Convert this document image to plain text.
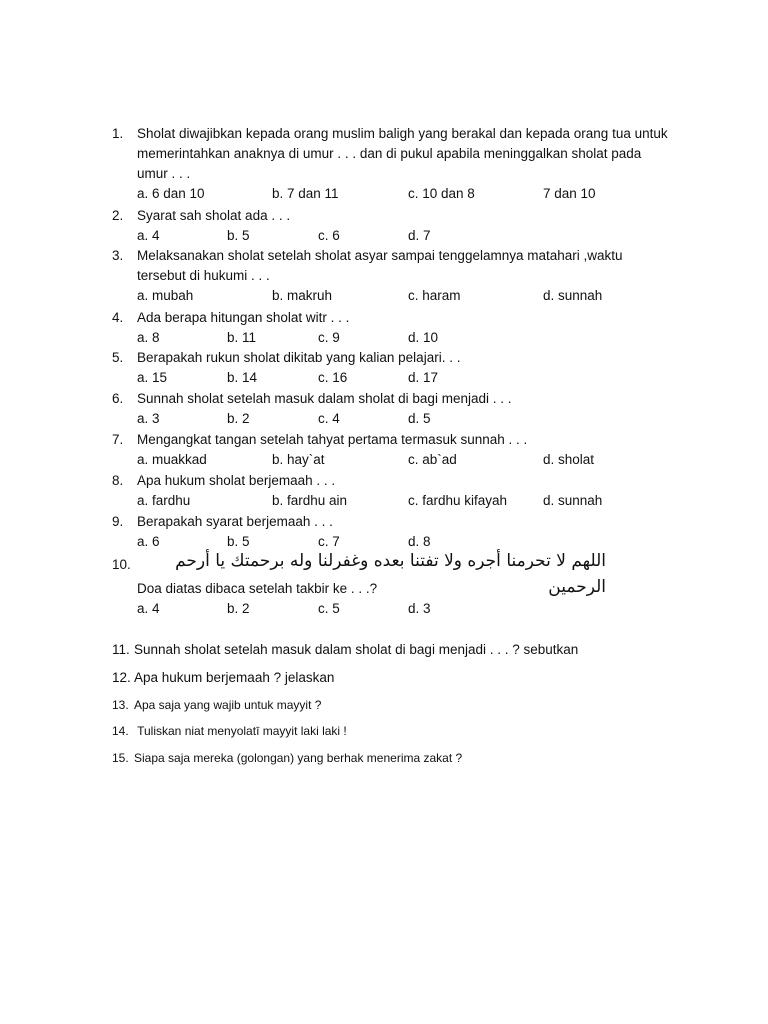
1. Sholat diwajibkan kepada orang muslim baligh yang berakal dan kepada orang tua untuk memerintahkan anaknya di umur . . . dan di pukul apabila meninggalkan sholat pada umur . . .
a. 6 dan 10	b. 7 dan 11	c. 10 dan 8	7 dan 10
2. Syarat sah sholat ada . . .
a. 4	b. 5	c. 6	d. 7
3. Melaksanakan sholat setelah sholat asyar sampai tenggelamnya matahari ,waktu tersebut di hukumi . . .
a. mubah	b. makruh	c. haram	d. sunnah
4. Ada berapa hitungan sholat witr . . .
a. 8	b. 11	c. 9	d. 10
5. Berapakah rukun sholat dikitab yang kalian pelajari. . .
a. 15	b. 14	c. 16	d. 17
6. Sunnah sholat setelah masuk dalam sholat di bagi menjadi . . .
a. 3	b. 2	c. 4	d. 5
7. Mengangkat tangan setelah tahyat pertama termasuk sunnah . . .
a. muakkad	b. hay`at	c. ab`ad	d. sholat
8. Apa hukum sholat berjemaah . . .
a. fardhu	b. fardhu ain	c. fardhu kifayah	d. sunnah
9. Berapakah syarat berjemaah . . .
a. 6	b. 5	c. 7	d. 8
10.	اللهم لا تحرمنا أجره ولا تفتنا بعده وغفرلنا وله برحمتك يا أرحم الرحمين
Doa diatas dibaca setelah takbir ke . . .?
a. 4	b. 2	c. 5	d. 3
11. Sunnah sholat setelah masuk dalam sholat di bagi menjadi . . . ? sebutkan
12. Apa hukum berjemaah ? jelaskan
13. Apa saja yang wajib untuk mayyit ?
14. Tuliskan niat menyolatī mayyit laki laki !
15. Siapa saja mereka (golongan) yang berhak menerima zakat ?
